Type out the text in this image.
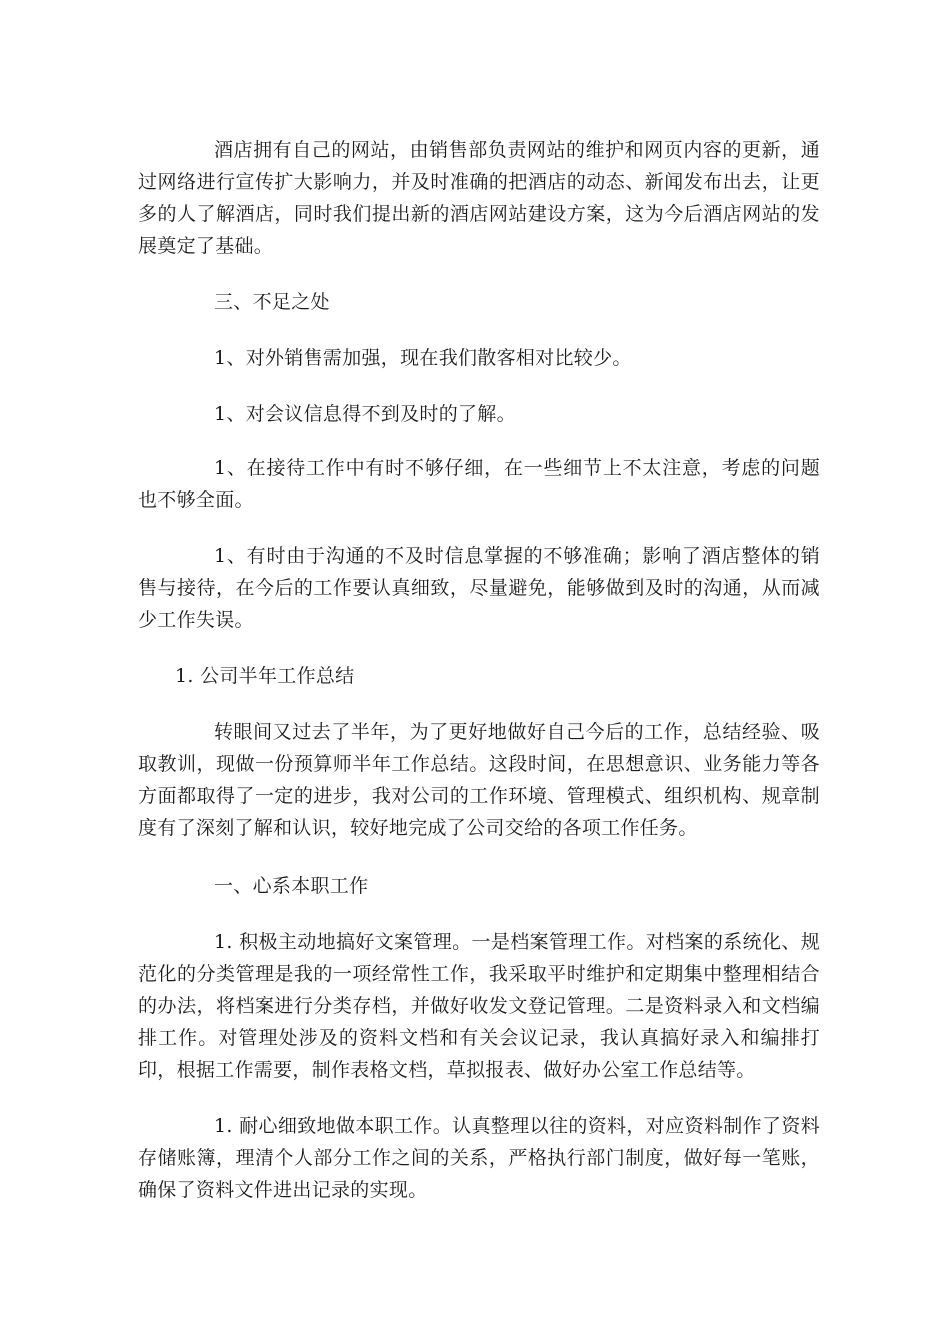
酒店拥有自己的网站，由销售部负责网站的维护和网页内容的更新，通过网络进行宣传扩大影响力，并及时准确的把酒店的动态、新闻发布出去，让更多的人了解酒店，同时我们提出新的酒店网站建设方案，这为今后酒店网站的发展奠定了基础。

三、不足之处

1、对外销售需加强，现在我们散客相对比较少。

1、对会议信息得不到及时的了解。

1、在接待工作中有时不够仔细，在一些细节上不太注意，考虑的问题也不够全面。

1、有时由于沟通的不及时信息掌握的不够准确；影响了酒店整体的销售与接待，在今后的工作要认真细致，尽量避免，能够做到及时的沟通，从而减少工作失误。

1. 公司半年工作总结

转眼间又过去了半年，为了更好地做好自己今后的工作，总结经验、吸取教训，现做一份预算师半年工作总结。这段时间，在思想意识、业务能力等各方面都取得了一定的进步，我对公司的工作环境、管理模式、组织机构、规章制度有了深刻了解和认识，较好地完成了公司交给的各项工作任务。

一、心系本职工作

1. 积极主动地搞好文案管理。一是档案管理工作。对档案的系统化、规范化的分类管理是我的一项经常性工作，我采取平时维护和定期集中整理相结合的办法，将档案进行分类存档，并做好收发文登记管理。二是资料录入和文档编排工作。对管理处涉及的资料文档和有关会议记录，我认真搞好录入和编排打印，根据工作需要，制作表格文档，草拟报表、做好办公室工作总结等。

1. 耐心细致地做本职工作。认真整理以往的资料，对应资料制作了资料存储账簿，理清个人部分工作之间的关系，严格执行部门制度，做好每一笔账，确保了资料文件进出记录的实现。
